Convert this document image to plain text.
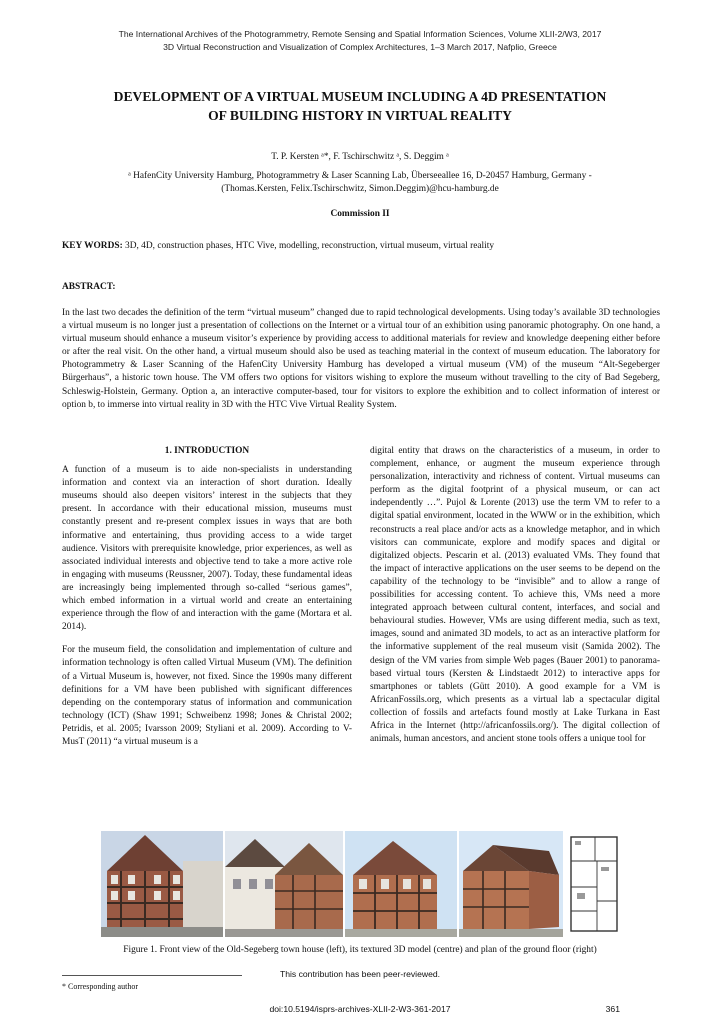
The International Archives of the Photogrammetry, Remote Sensing and Spatial Information Sciences, Volume XLII-2/W3, 2017
3D Virtual Reconstruction and Visualization of Complex Architectures, 1–3 March 2017, Nafplio, Greece
DEVELOPMENT OF A VIRTUAL MUSEUM INCLUDING A 4D PRESENTATION
OF BUILDING HISTORY IN VIRTUAL REALITY
T. P. Kersten ᵃ*, F. Tschirschwitz ᵃ, S. Deggim ᵃ
ᵃ HafenCity University Hamburg, Photogrammetry & Laser Scanning Lab, Überseeallee 16, D-20457 Hamburg, Germany -
(Thomas.Kersten, Felix.Tschirschwitz, Simon.Deggim)@hcu-hamburg.de
Commission II
KEY WORDS: 3D, 4D, construction phases, HTC Vive, modelling, reconstruction, virtual museum, virtual reality
ABSTRACT:
In the last two decades the definition of the term “virtual museum” changed due to rapid technological developments. Using today’s available 3D technologies a virtual museum is no longer just a presentation of collections on the Internet or a virtual tour of an exhibition using panoramic photography. On one hand, a virtual museum should enhance a museum visitor’s experience by providing access to additional materials for review and knowledge deepening either before or after the real visit. On the other hand, a virtual museum should also be used as teaching material in the context of museum education. The laboratory for Photogrammetry & Laser Scanning of the HafenCity University Hamburg has developed a virtual museum (VM) of the museum “Alt-Segeberger Bürgerhaus”, a historic town house. The VM offers two options for visitors wishing to explore the museum without travelling to the city of Bad Segeberg, Schleswig-Holstein, Germany. Option a, an interactive computer-based, tour for visitors to explore the exhibition and to collect information of interest or option b, to immerse into virtual reality in 3D with the HTC Vive Virtual Reality System.

1. INTRODUCTION

A function of a museum is to aide non-specialists in understanding information and context via an interaction of short duration. Ideally museums should also deepen visitors’ interest in the subjects that they present. In accordance with their educational mission, museums must constantly present and re-present complex issues in ways that are both informative and entertaining, thus providing access to a wide target audience. Visitors with prerequisite knowledge, prior experiences, as well as associated individual interests and objective tend to take a more active role in engaging with museums (Reussner, 2007). Today, these fundamental ideas are increasingly being implemented through so-called “serious games”, which embed information in a virtual world and create an entertaining experience through the flow of and interaction with the game (Mortara et al. 2014).

For the museum field, the consolidation and implementation of culture and information technology is often called Virtual Museum (VM). The definition of a Virtual Museum is, however, not fixed. Since the 1990s many different definitions for a VM have been published with significant differences depending on the contemporary status of information and communication technology (ICT) (Shaw 1991; Schweibenz 1998; Jones & Christal 2002; Petridis, et al. 2005; Ivarsson 2009; Styliani et al. 2009). According to V-MusT (2011) “a virtual museum is a

digital entity that draws on the characteristics of a museum, in order to complement, enhance, or augment the museum experience through personalization, interactivity and richness of content. Virtual museums can perform as the digital footprint of a physical museum, or can act independently …”. Pujol & Lorente (2013) use the term VM to refer to a digital spatial environment, located in the WWW or in the exhibition, which reconstructs a real place and/or acts as a knowledge metaphor, and in which visitors can communicate, explore and modify spaces and digital or digitalized objects. Pescarin et al. (2013) evaluated VMs. They found that the impact of interactive applications on the user seems to be depend on the capability of the technology to be “invisible” and to allow a range of possibilities for accessing content. To achieve this, VMs need a more integrated approach between cultural content, interfaces, and social and behavioural studies. However, VMs are using different media, such as text, images, sound and animated 3D models, to act as an interactive platform for the informative supplement of the real museum visit (Samida 2002). The design of the VM varies from simple Web pages (Bauer 2001) to panorama-based virtual tours (Kersten & Lindstaedt 2012) to interactive apps for smartphones or tablets (Gütt 2010). A good example for a VM is AfricanFossils.org, which presents as a virtual lab a spectacular digital collection of fossils and artefacts found mostly at Lake Turkana in East Africa in the Internet (http://africanfossils.org/). The digital collection of animals, human ancestors, and ancient stone tools offers a unique tool for

Figure 1. Front view of the Old-Segeberg town house (left), its textured 3D model (centre) and plan of the ground floor (right)
* Corresponding author
This contribution has been peer-reviewed.
doi:10.5194/isprs-archives-XLII-2-W3-361-2017	361
